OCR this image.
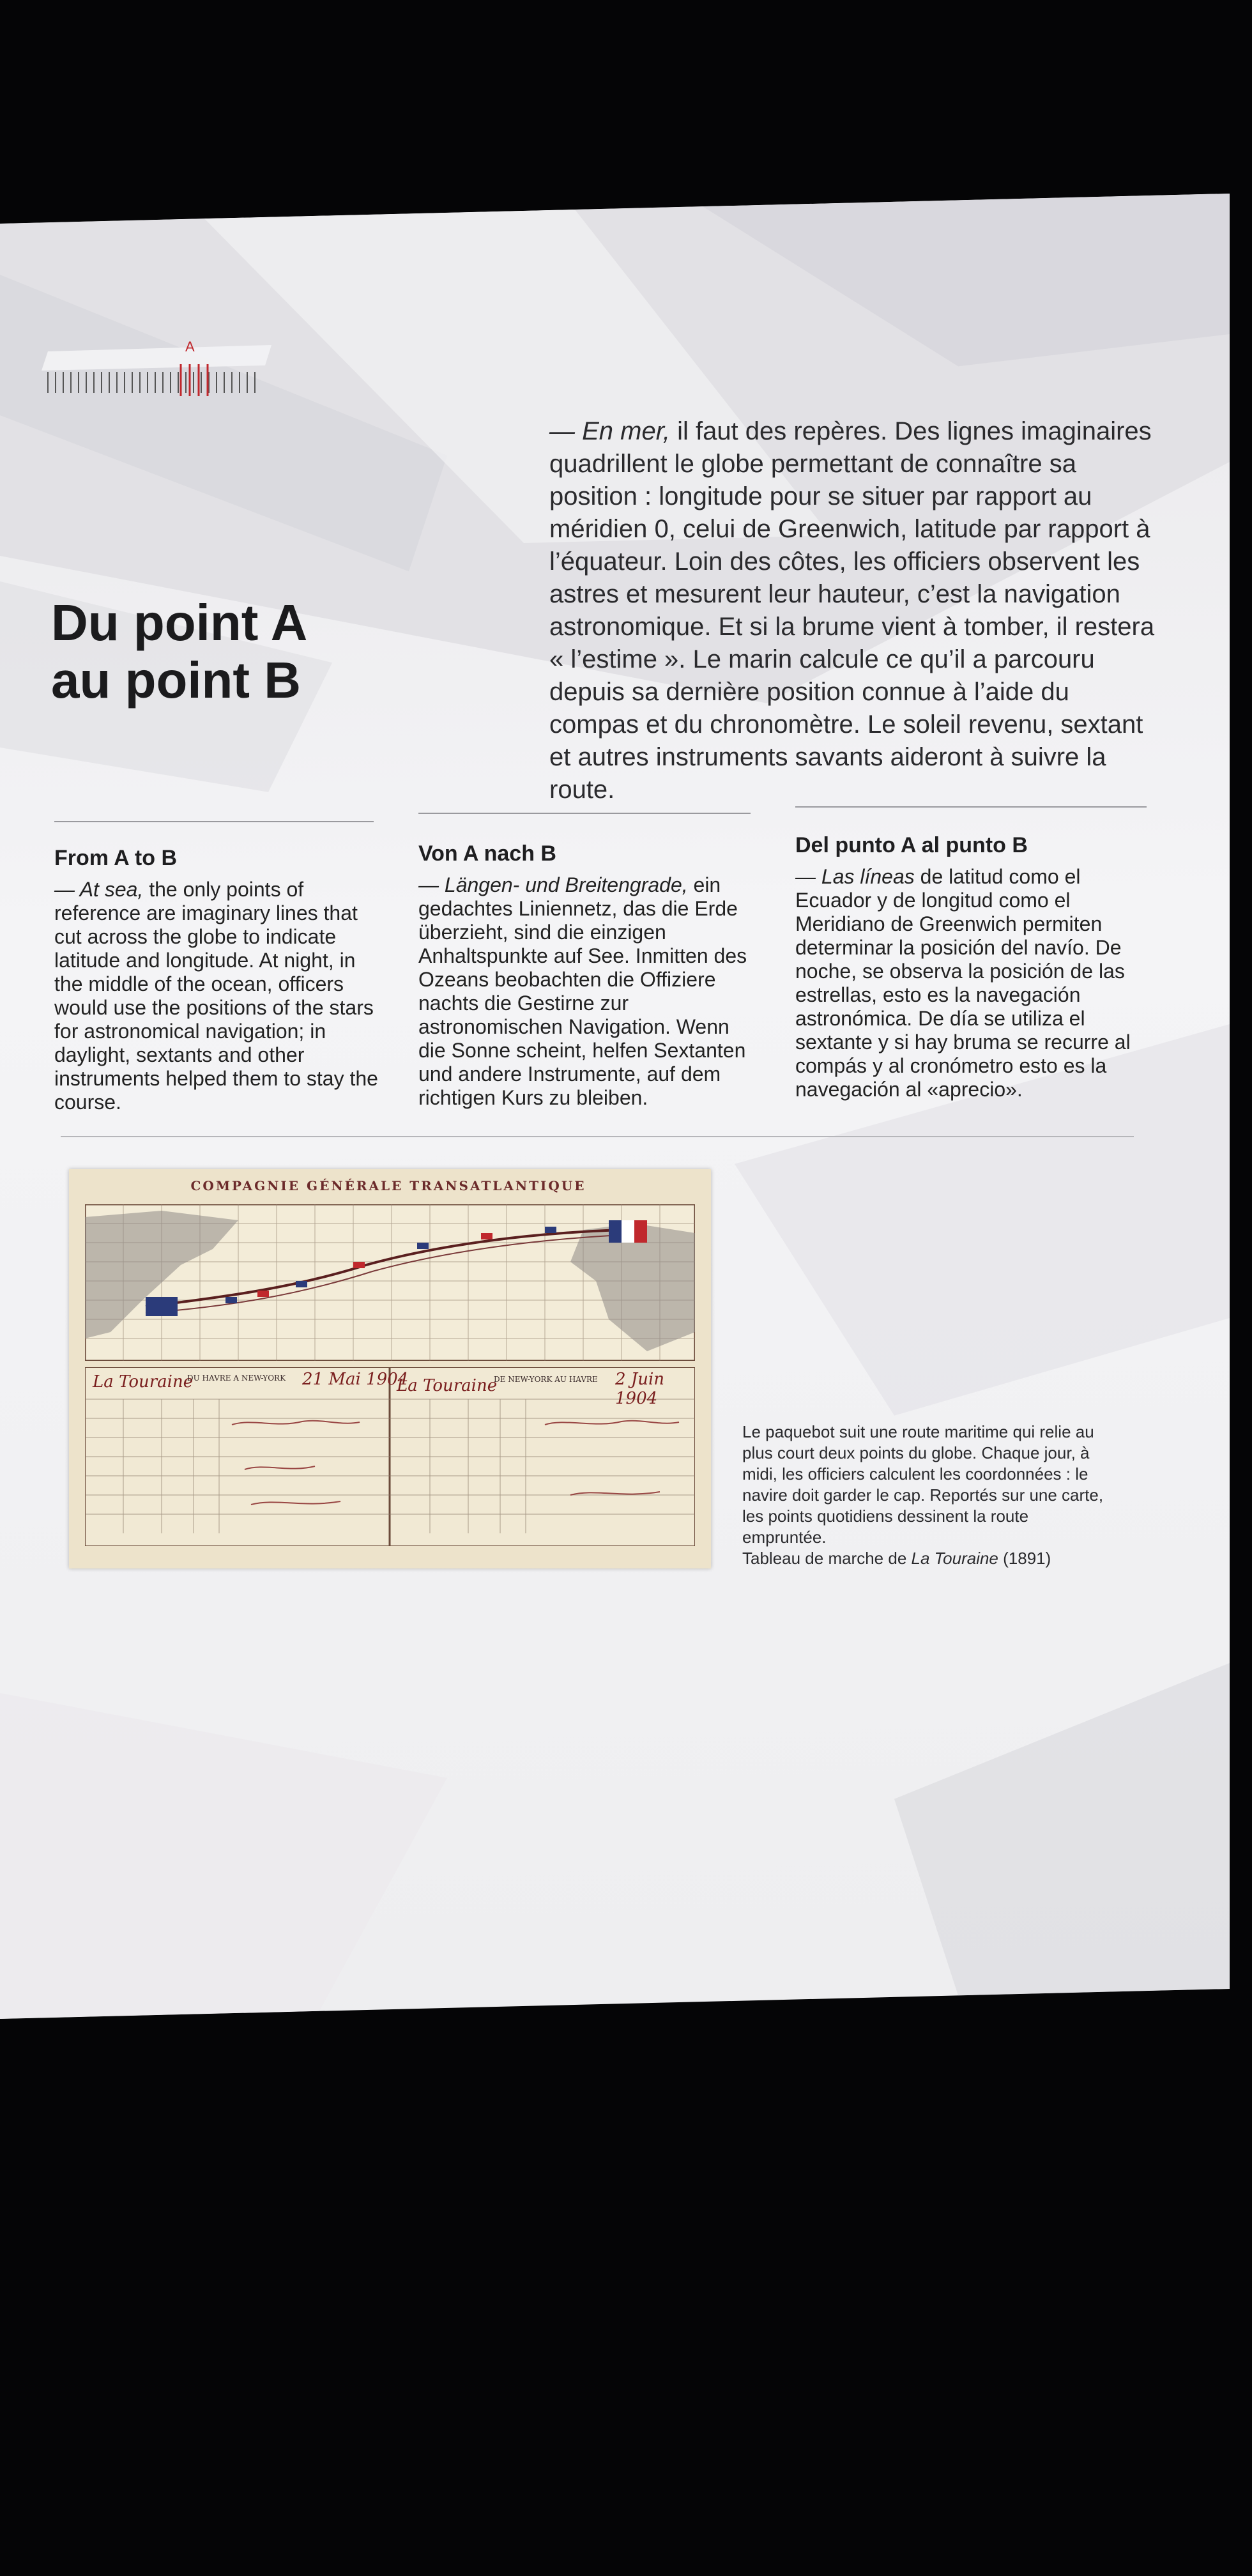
A
Du point A
au point B

— En mer, il faut des repères. Des lignes imaginaires quadrillent le globe permettant de connaître sa position : longitude pour se situer par rapport au méridien 0, celui de Greenwich, latitude par rapport à l’équateur. Loin des côtes, les officiers observent les astres et mesurent leur hauteur, c’est la navigation astronomique. Et si la brume vient à tomber, il restera « l’estime ». Le marin calcule ce qu’il a parcouru depuis sa dernière position connue à l’aide du compas et du chronomètre. Le soleil revenu, sextant et autres instruments savants aideront à suivre la route.

From A to B

— At sea, the only points of reference are imaginary lines that cut across the globe to indicate latitude and longitude. At night, in the middle of the ocean, officers would use the positions of the stars for astronomical navigation; in daylight, sextants and other instruments helped them to stay the course.

Von A nach B

— Längen- und Breitengrade, ein gedachtes Liniennetz, das die Erde überzieht, sind die einzigen Anhaltspunkte auf See. Inmitten des Ozeans beobachten die Offiziere nachts die Gestirne zur astronomischen Navigation. Wenn die Sonne scheint, helfen Sextanten und andere Instrumente, auf dem richtigen Kurs zu bleiben.

Del punto A al punto B

— Las líneas de latitud como el Ecuador y de longitud como el Meridiano de Greenwich permiten determinar la posición del navío. De noche, se observa la posición de las estrellas, esto es la navegación astronómica. De día se utiliza el sextante y si hay bruma se recurre al compás y al cronómetro esto es la navegación al «aprecio».

COMPAGNIE GÉNÉRALE TRANSATLANTIQUE
La Touraine
DU HAVRE A NEW-YORK 21 Mai 1904
La Touraine
DE NEW-YORK AU HAVRE 2 Juin 1904

Le paquebot suit une route maritime qui relie au plus court deux points du globe. Chaque jour, à midi, les officiers calculent les coordonnées : le navire doit garder le cap. Reportés sur une carte, les points quotidiens dessinent la route empruntée.
Tableau de marche de La Touraine (1891)
